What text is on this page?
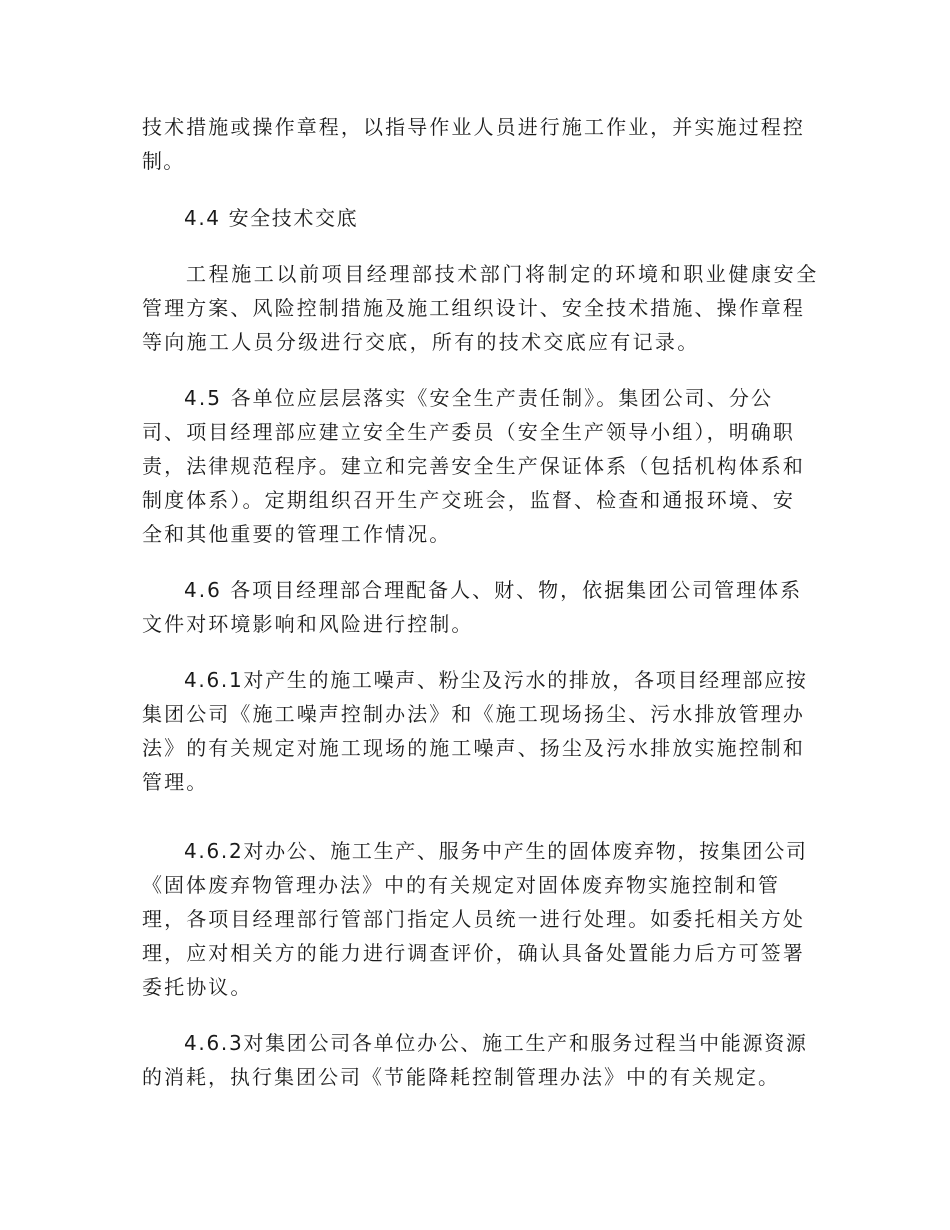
技术措施或操作章程，以指导作业人员进行施工作业，并实施过程控
制。
4.4 安全技术交底
工程施工以前项目经理部技术部门将制定的环境和职业健康安全
管理方案、风险控制措施及施工组织设计、安全技术措施、操作章程
等向施工人员分级进行交底，所有的技术交底应有记录。
4.5 各单位应层层落实《安全生产责任制》。集团公司、分公
司、项目经理部应建立安全生产委员（安全生产领导小组），明确职
责，法律规范程序。建立和完善安全生产保证体系（包括机构体系和
制度体系）。定期组织召开生产交班会，监督、检查和通报环境、安
全和其他重要的管理工作情况。
4.6 各项目经理部合理配备人、财、物，依据集团公司管理体系
文件对环境影响和风险进行控制。
4.6.1对产生的施工噪声、粉尘及污水的排放，各项目经理部应按
集团公司《施工噪声控制办法》和《施工现场扬尘、污水排放管理办
法》的有关规定对施工现场的施工噪声、扬尘及污水排放实施控制和
管理。
4.6.2对办公、施工生产、服务中产生的固体废弃物，按集团公司
《固体废弃物管理办法》中的有关规定对固体废弃物实施控制和管
理，各项目经理部行管部门指定人员统一进行处理。如委托相关方处
理，应对相关方的能力进行调查评价，确认具备处置能力后方可签署
委托协议。
4.6.3对集团公司各单位办公、施工生产和服务过程当中能源资源
的消耗，执行集团公司《节能降耗控制管理办法》中的有关规定。
